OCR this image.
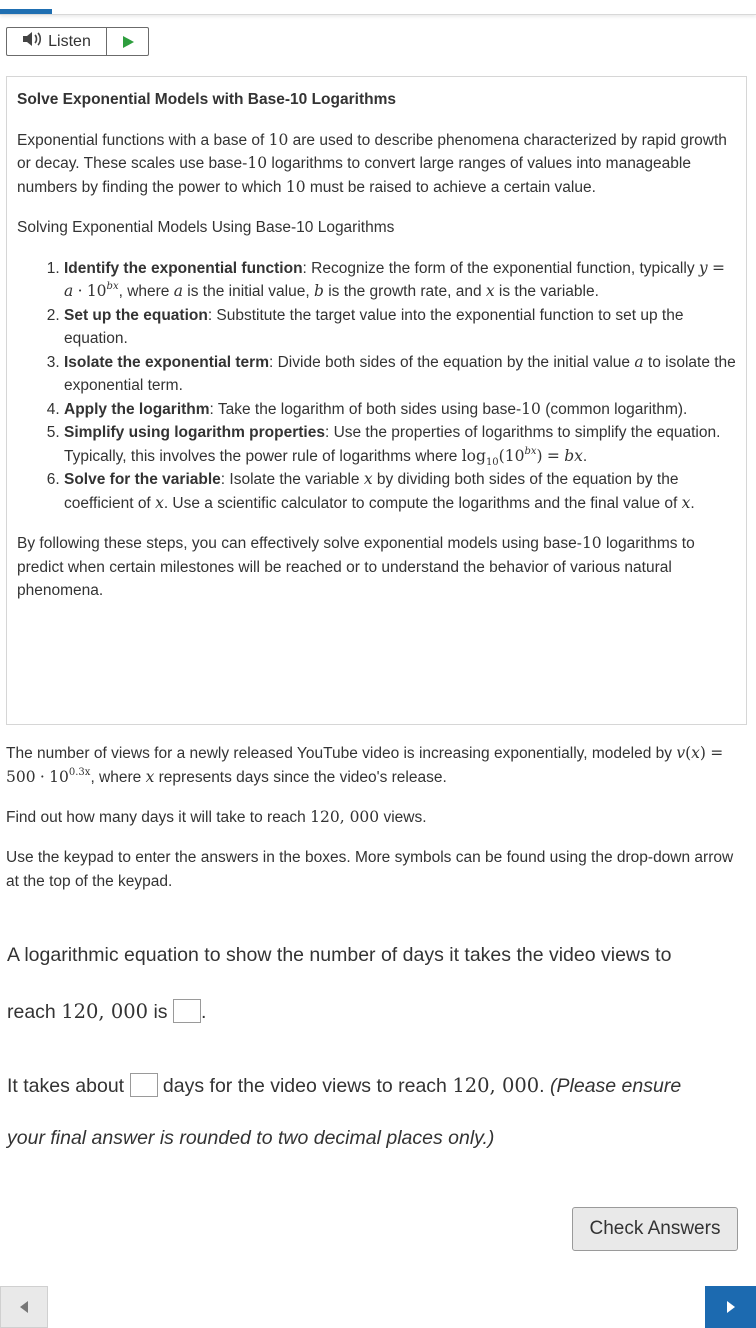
Listen
Solve Exponential Models with Base-10 Logarithms

Exponential functions with a base of 10 are used to describe phenomena characterized by rapid growth or decay. These scales use base-10 logarithms to convert large ranges of values into manageable numbers by finding the power to which 10 must be raised to achieve a certain value.

Solving Exponential Models Using Base-10 Logarithms

1. Identify the exponential function: Recognize the form of the exponential function, typically $y = a \cdot 10^{bx}$, where a is the initial value, b is the growth rate, and x is the variable.
2. Set up the equation: Substitute the target value into the exponential function to set up the equation.
3. Isolate the exponential term: Divide both sides of the equation by the initial value a to isolate the exponential term.
4. Apply the logarithm: Take the logarithm of both sides using base-10 (common logarithm).
5. Simplify using logarithm properties: Use the properties of logarithms to simplify the equation. Typically, this involves the power rule of logarithms where $\log_{10}(10^{bx})$ = bx.
6. Solve for the variable: Isolate the variable x by dividing both sides of the equation by the coefficient of x. Use a scientific calculator to compute the logarithms and the final value of x.

By following these steps, you can effectively solve exponential models using base-10 logarithms to predict when certain milestones will be reached or to understand the behavior of various natural phenomena.

The number of views for a newly released YouTube video is increasing exponentially, modeled by $v(x) = 500 \cdot 10^{0.3x}$, where x represents days since the video's release.
Find out how many days it will take to reach 120, 000 views.
Use the keypad to enter the answers in the boxes. More symbols can be found using the drop-down arrow at the top of the keypad.
A logarithmic equation to show the number of days it takes the video views to
reach 120, 000 is .
It takes about  days for the video views to reach 120, 000. (Please ensure
your final answer is rounded to two decimal places only.)
Check Answers
